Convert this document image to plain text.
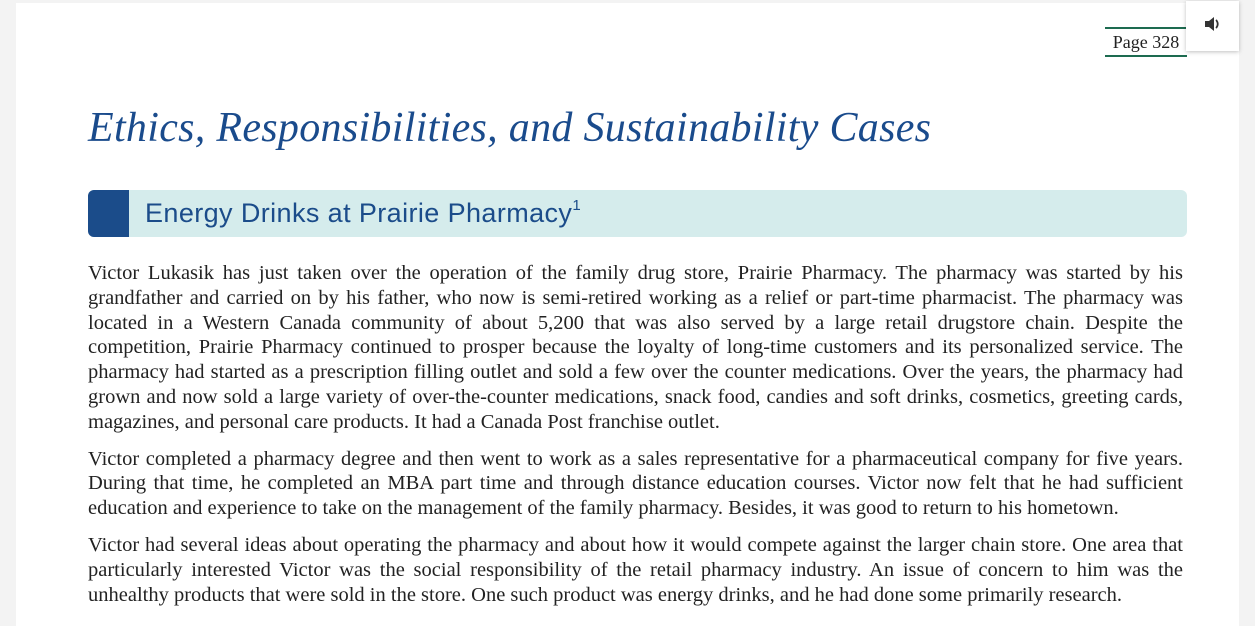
Page 328
Ethics, Responsibilities, and Sustainability Cases
Energy Drinks at Prairie Pharmacy$^1$

Victor Lukasik has just taken over the operation of the family drug store, Prairie Pharmacy. The pharmacy was started by his grandfather and carried on by his father, who now is semi-retired working as a relief or part-time pharmacist. The pharmacy was located in a Western Canada community of about 5,200 that was also served by a large retail drugstore chain. Despite the competition, Prairie Pharmacy continued to prosper because the loyalty of long-time customers and its personalized service. The pharmacy had started as a prescription filling outlet and sold a few over the counter medications. Over the years, the pharmacy had grown and now sold a large variety of over-the-counter medications, snack food, candies and soft drinks, cosmetics, greeting cards, magazines, and personal care products. It had a Canada Post franchise outlet.

Victor completed a pharmacy degree and then went to work as a sales representative for a pharmaceutical company for five years. During that time, he completed an MBA part time and through distance education courses. Victor now felt that he had sufficient education and experience to take on the management of the family pharmacy. Besides, it was good to return to his hometown.

Victor had several ideas about operating the pharmacy and about how it would compete against the larger chain store. One area that particularly interested Victor was the social responsibility of the retail pharmacy industry. An issue of concern to him was the unhealthy products that were sold in the store. One such product was energy drinks, and he had done some primarily research.
